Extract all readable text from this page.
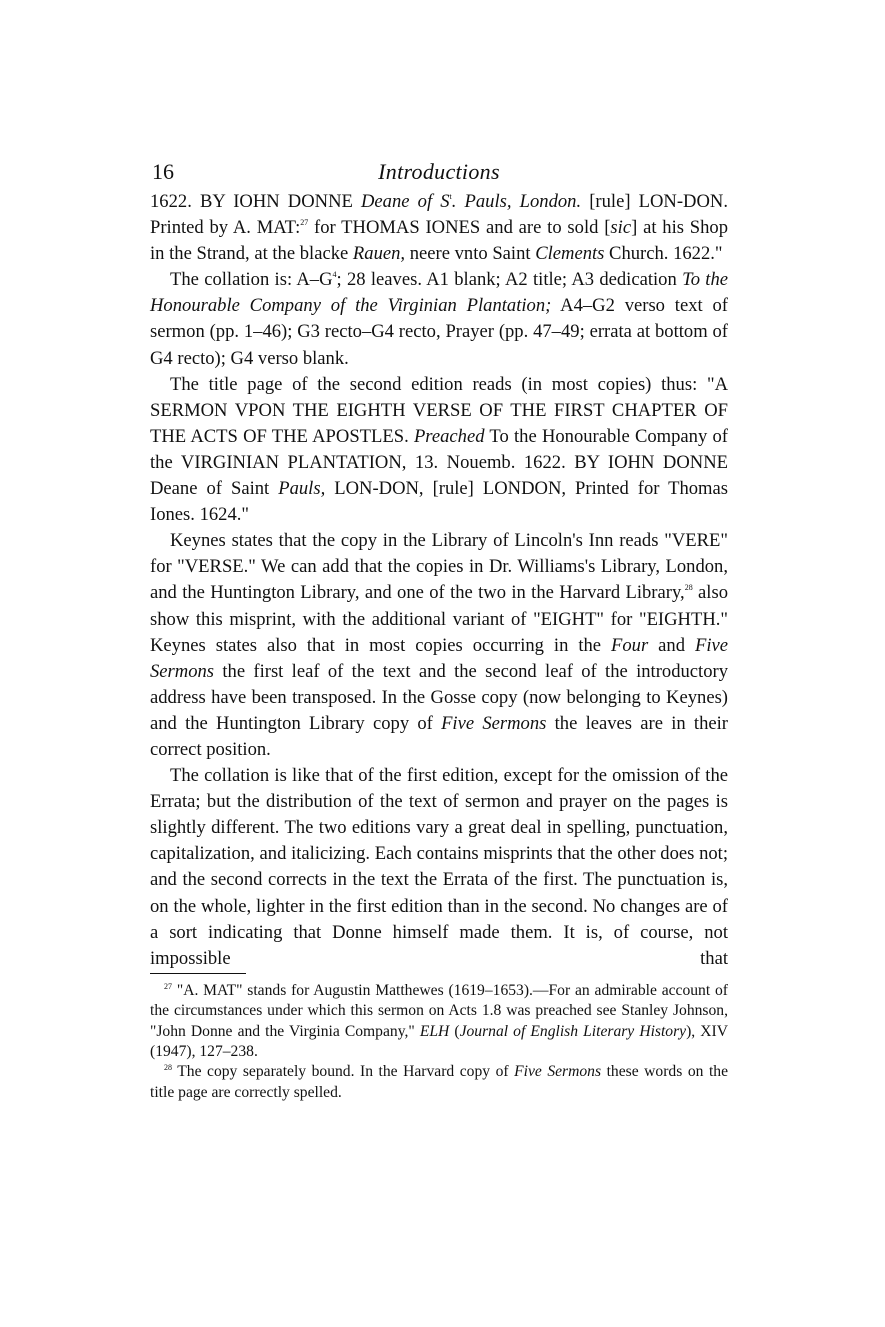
16	Introductions

1622. BY IOHN DONNE Deane of S$^t$. Pauls, London. [rule] LON-DON. Printed by A. MAT:$^{27}$ for THOMAS IONES and are to sold [sic] at his Shop in the Strand, at the blacke Rauen, neere vnto Saint Clements Church. 1622."

The collation is: A–G$^4$; 28 leaves. A1 blank; A2 title; A3 dedication To the Honourable Company of the Virginian Plantation; A4–G2 verso text of sermon (pp. 1–46); G3 recto–G4 recto, Prayer (pp. 47–49; errata at bottom of G4 recto); G4 verso blank.

The title page of the second edition reads (in most copies) thus: "A SERMON VPON THE EIGHTH VERSE OF THE FIRST CHAPTER OF THE ACTS OF THE APOSTLES. Preached To the Honourable Company of the VIRGINIAN PLANTATION, 13. Nouemb. 1622. BY IOHN DONNE Deane of Saint Pauls, LON-DON, [rule] LONDON, Printed for Thomas Iones. 1624."

Keynes states that the copy in the Library of Lincoln's Inn reads "VERE" for "VERSE." We can add that the copies in Dr. Williams's Library, London, and the Huntington Library, and one of the two in the Harvard Library,$^{28}$ also show this misprint, with the additional variant of "EIGHT" for "EIGHTH." Keynes states also that in most copies occurring in the Four and Five Sermons the first leaf of the text and the second leaf of the introductory address have been transposed. In the Gosse copy (now belonging to Keynes) and the Huntington Library copy of Five Sermons the leaves are in their correct position.

The collation is like that of the first edition, except for the omission of the Errata; but the distribution of the text of sermon and prayer on the pages is slightly different. The two editions vary a great deal in spelling, punctuation, capitalization, and italicizing. Each contains misprints that the other does not; and the second corrects in the text the Errata of the first. The punctuation is, on the whole, lighter in the first edition than in the second. No changes are of a sort indicating that Donne himself made them. It is, of course, not impossible that

$^{27}$ "A. MAT" stands for Augustin Matthewes (1619–1653).—For an admirable account of the circumstances under which this sermon on Acts 1.8 was preached see Stanley Johnson, "John Donne and the Virginia Company," ELH (Journal of English Literary History), XIV (1947), 127–238.

$^{28}$ The copy separately bound. In the Harvard copy of Five Sermons these words on the title page are correctly spelled.
